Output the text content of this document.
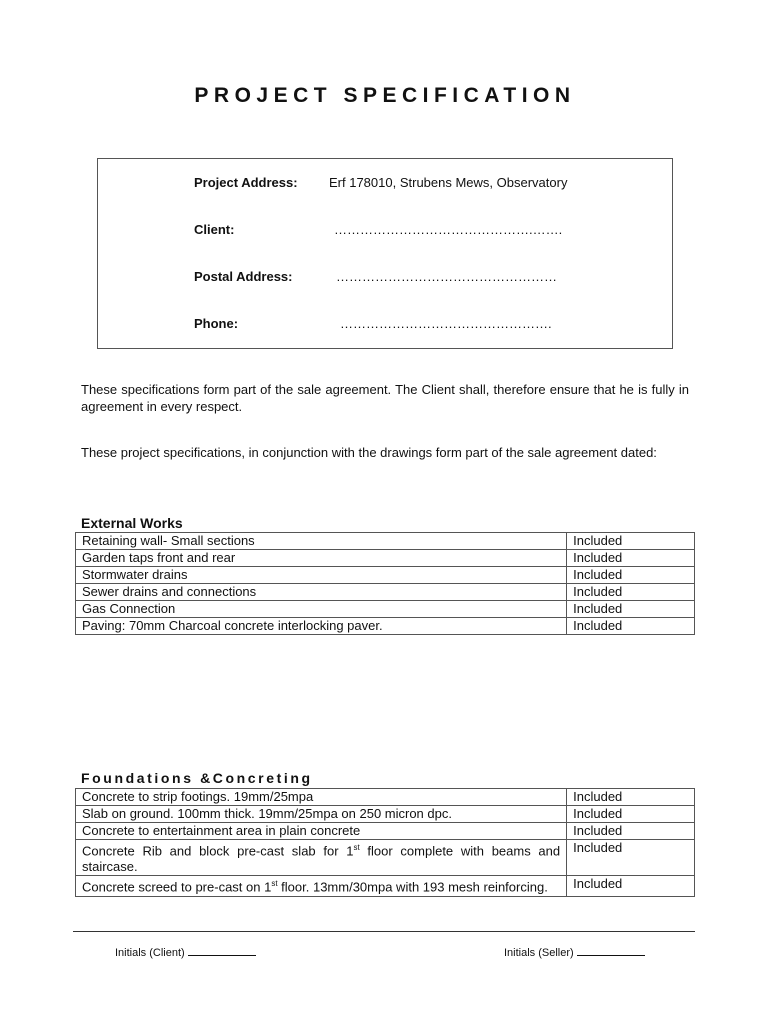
PROJECT SPECIFICATION
Project Address: Erf 178010, Strubens Mews, Observatory
Client:	……………………………………….…….
Postal Address:	……………………………………………
Phone:	………………………………………….

These specifications form part of the sale agreement. The Client shall, therefore ensure that he is fully in agreement in every respect.

These project specifications, in conjunction with the drawings form part of the sale agreement dated:

External Works
Retaining wall- Small sections	Included
Garden taps front and rear	Included
Stormwater drains	Included
Sewer drains and connections	Included
Gas Connection	Included
Paving: 70mm Charcoal concrete interlocking paver.	Included
Foundations &Concreting
Concrete to strip footings. 19mm/25mpa	Included
Slab on ground. 100mm thick. 19mm/25mpa on 250 micron dpc.	Included
Concrete to entertainment area in plain concrete	Included
Concrete Rib and block pre-cast slab for 1st floor complete with beams and staircase.	Included
Concrete screed to pre-cast on 1st floor. 13mm/30mpa with 193 mesh reinforcing.	Included
Initials (Client)	Initials (Seller)
